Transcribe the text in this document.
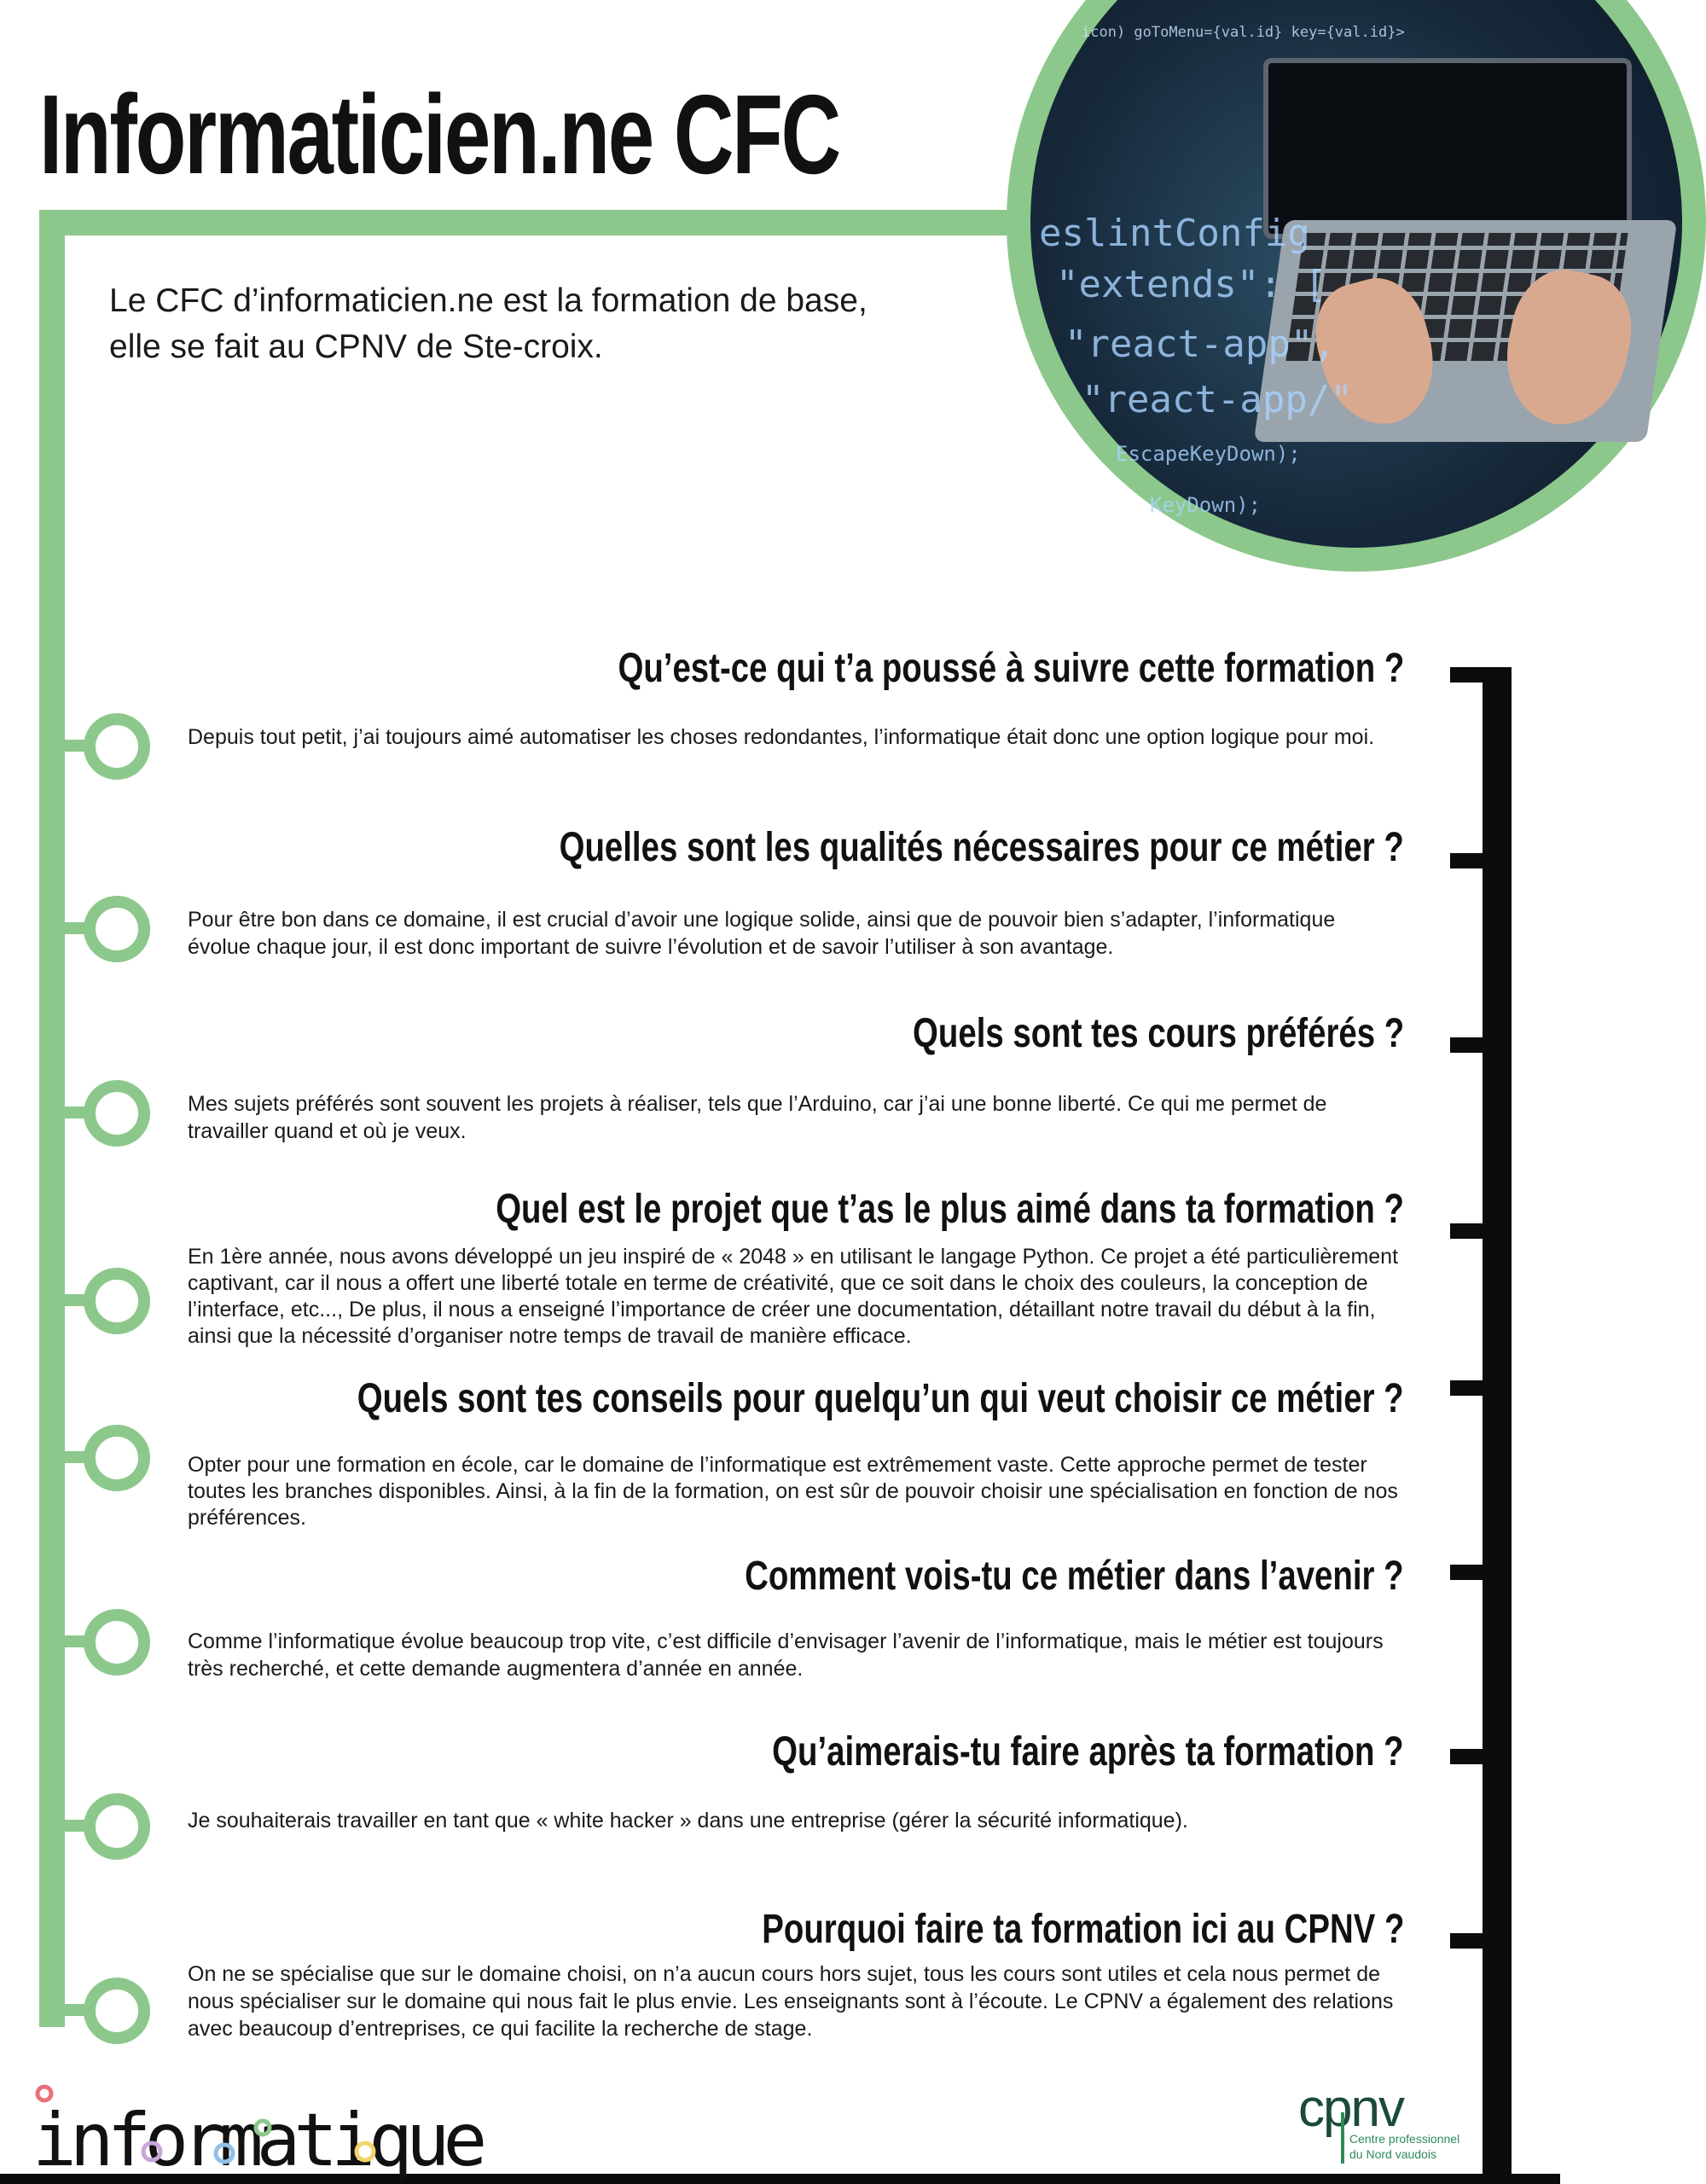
icon) goToMenu={val.id} key={val.id}>
eslintConfig
"extends": [
"react-app",
"react-app/"
EscapeKeyDown);
KeyDown);
Informaticien.ne CFC

Le CFC d’informaticien.ne est la formation de base, elle se fait au CPNV de Ste-croix.

Qu’est-ce qui t’a poussé à suivre cette formation ?

Depuis tout petit, j’ai toujours aimé automatiser les choses redondantes, l’informatique était donc une option logique pour moi.

Quelles sont les qualités nécessaires pour ce métier ?

Pour être bon dans ce domaine, il est crucial d’avoir une logique solide, ainsi que de pouvoir bien s’adapter, l’informatique évolue chaque jour, il est donc important de suivre l’évolution et de savoir l’utiliser à son avantage.

Quels sont tes cours préférés ?

Mes sujets préférés sont souvent les projets à réaliser, tels que l’Arduino, car j’ai une bonne liberté. Ce qui me permet de travailler quand et où je veux.

Quel est le projet que t’as le plus aimé dans ta formation ?

En 1ère année, nous avons développé un jeu inspiré de « 2048 » en utilisant le langage Python. Ce projet a été particulièrement captivant, car il nous a offert une liberté totale en terme de créativité, que ce soit dans le choix des couleurs, la conception de l’interface, etc..., De plus, il nous a enseigné l’importance de créer une documentation, détaillant notre travail du début à la fin, ainsi que la nécessité d’organiser notre temps de travail de manière efficace.

Quels sont tes conseils pour quelqu’un qui veut choisir ce métier ?

Opter pour une formation en école, car le domaine de l’informatique est extrêmement vaste. Cette approche permet de tester toutes les branches disponibles. Ainsi, à la fin de la formation, on est sûr de pouvoir choisir une spécialisation en fonction de nos préférences.

Comment vois-tu ce métier dans l’avenir ?

Comme l’informatique évolue beaucoup trop vite, c’est difficile d’envisager l’avenir de l’informatique, mais le métier est toujours très recherché, et cette demande augmentera d’année en année.

Qu’aimerais-tu faire après ta formation ?

Je souhaiterais travailler en tant que « white hacker » dans une entreprise (gérer la sécurité informatique).

Pourquoi faire ta formation ici au CPNV ?

On ne se spécialise que sur le domaine choisi, on n’a aucun cours hors sujet, tous les cours sont utiles et cela nous permet de nous spécialiser sur le domaine qui nous fait le plus envie. Les enseignants sont à l’écoute. Le CPNV a également des relations avec beaucoup d’entreprises, ce qui facilite la recherche de stage.

informatique	cpnv
Centre professionnel
du Nord vaudois
